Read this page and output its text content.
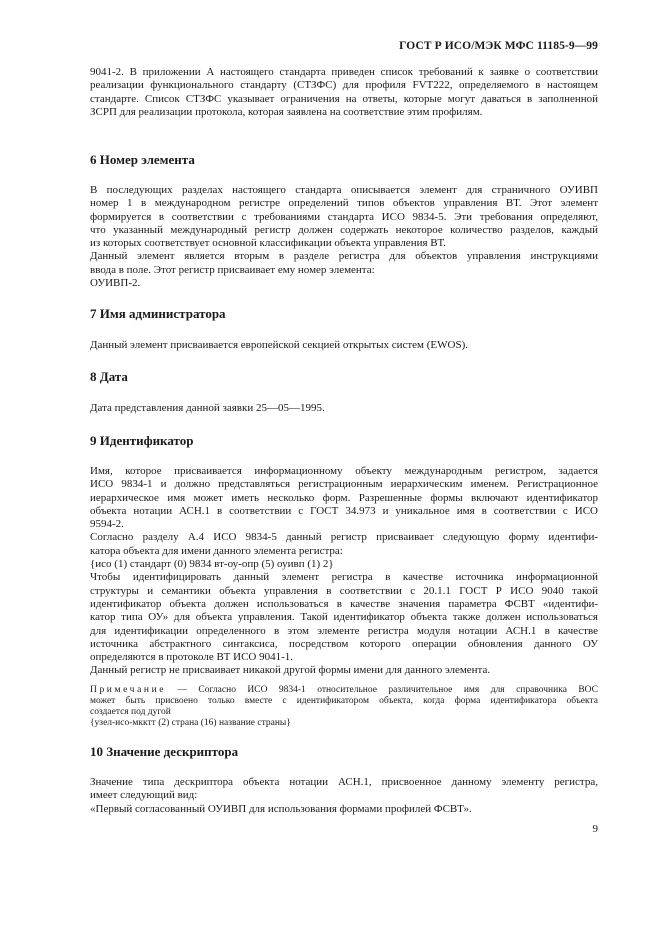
ГОСТ Р ИСО/МЭК МФС 11185-9—99

9041-2. В приложении А настоящего стандарта приведен список требований к заявке о соответствии

реализации функционального стандарту (СТЗФС) для профиля FVT222, определяемого в настоящем

стандарте. Список СТЗФС указывает ограничения на ответы, которые могут даваться в заполненной

ЗСРП для реализации протокола, которая заявлена на соответствие этим профилям.

6 Номер элемента

В последующих разделах настоящего стандарта описывается элемент для страничного ОУИВП

номер 1 в международном регистре определений типов объектов управления ВТ. Этот элемент

формируется в соответствии с требованиями стандарта ИСО 9834-5. Эти требования определяют,

что указанный международный регистр должен содержать некоторое количество разделов, каждый

из которых соответствует основной классификации объекта управления ВТ.

Данный элемент является вторым в разделе регистра для объектов управления инструкциями

ввода в поле. Этот регистр присваивает ему номер элемента:

ОУИВП-2.

7 Имя администратора

Данный элемент присваивается европейской секцией открытых систем (EWOS).

8 Дата

Дата представления данной заявки 25—05—1995.

9 Идентификатор

Имя, которое присваивается информационному объекту международным регистром, задается

ИСО 9834-1 и должно представляться регистрационным иерархическим именем. Регистрационное

иерархическое имя может иметь несколько форм. Разрешенные формы включают идентификатор

объекта нотации АСН.1 в соответствии с ГОСТ 34.973 и уникальное имя в соответствии с ИСО

9594-2.

Согласно разделу А.4 ИСО 9834-5 данный регистр присваивает следующую форму идентифи-

катора объекта для имени данного элемента регистра:

{исо (1) стандарт (0) 9834 вт-оу-опр (5) оуивп (1) 2}

Чтобы идентифицировать данный элемент регистра в качестве источника информационной

структуры и семантики объекта управления в соответствии с 20.1.1 ГОСТ Р ИСО 9040 такой

идентификатор объекта должен использоваться в качестве значения параметра ФСВТ «идентифи-

катор типа ОУ» для объекта управления. Такой идентификатор объекта также должен использоваться

для идентификации определенного в этом элементе регистра модуля нотации АСН.1 в качестве

источника абстрактного синтаксиса, посредством которого операции обновления данного ОУ

определяются в протоколе ВТ ИСО 9041-1.

Данный регистр не присваивает никакой другой формы имени для данного элемента.

Примечание — Согласно ИСО 9834-1 относительное различительное имя для справочника ВОС

может быть присвоено только вместе с идентификатором объекта, когда форма идентификатора объекта

создается под дугой

{узел-исо-мкктт (2) страна (16) название страны}

10 Значение дескриптора

Значение типа дескриптора объекта нотации АСН.1, присвоенное данному элементу регистра,

имеет следующий вид:

«Первый согласованный ОУИВП для использования формами профилей ФСВТ».

9
